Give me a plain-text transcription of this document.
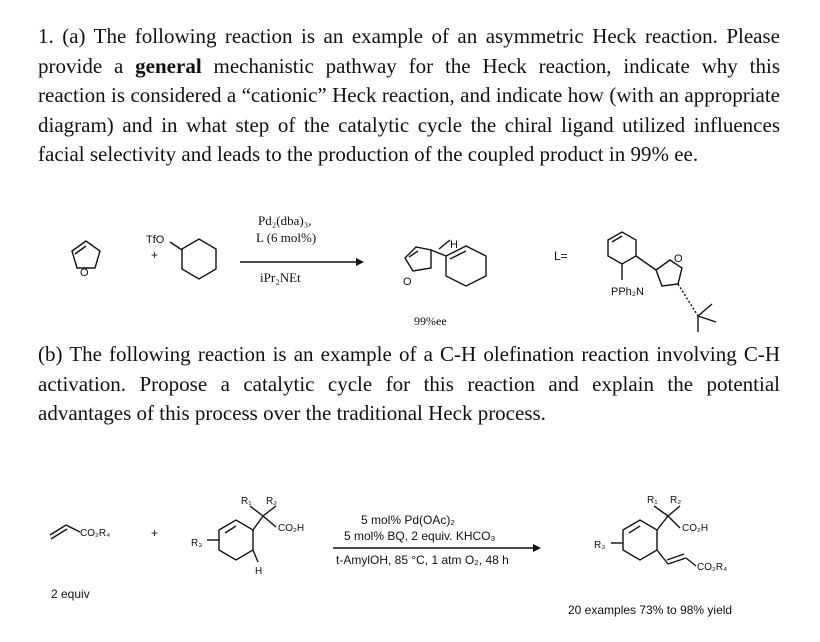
1. (a) The following reaction is an example of an asymmetric Heck reaction. Please provide a general mechanistic pathway for the Heck reaction, indicate why this reaction is considered a “cationic” Heck reaction, and indicate how (with an appropriate diagram) and in what step of the catalytic cycle the chiral ligand utilized influences facial selectivity and leads to the production of the coupled product in 99% ee.

(b) The following reaction is an example of a C-H olefination reaction involving C-H activation. Propose a catalytic cycle for this reaction and explain the potential advantages of this process over the traditional Heck process.

O
TfO
+
Pd₂(dba)₃,
L (6 mol%)
iPr₂NEt	O
H
99%ee
L=
PPh₂
O
N
CO₂R₄
2 equiv
+
R₃
R₁ R₂
CO₂H
H
5 mol% Pd(OAc)₂
5 mol% BQ, 2 equiv. KHCO₃
t-AmylOH, 85 °C, 1 atm O₂, 48 h
R₃
R₁ R₂
CO₂H
CO₂R₄
20 examples 73% to 98% yield
